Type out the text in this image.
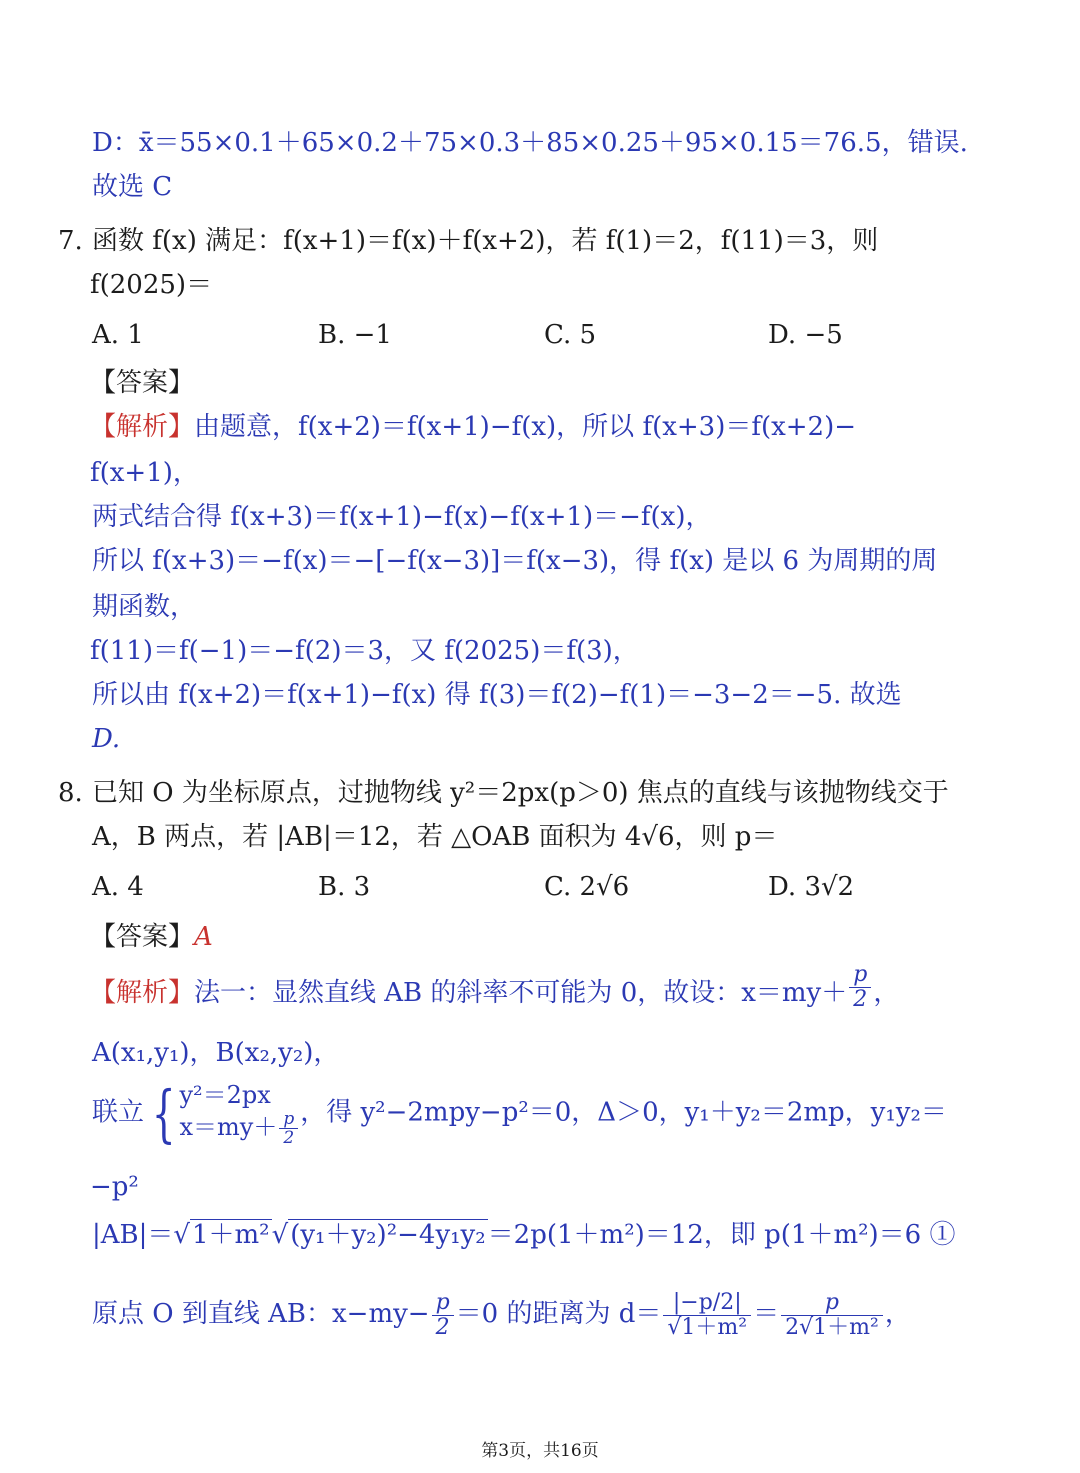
D：x̄＝55×0.1＋65×0.2＋75×0.3＋85×0.25＋95×0.15＝76.5，错误.
故选 C
7. 函数 f(x) 满足：f(x+1)＝f(x)＋f(x+2)，若 f(1)＝2，f(11)＝3，则
f(2025)＝
A. 1	B. −1	C. 5	D. −5
【答案】
【解析】由题意，f(x+2)＝f(x+1)−f(x)，所以 f(x+3)＝f(x+2)−
f(x+1)，
两式结合得 f(x+3)＝f(x+1)−f(x)−f(x+1)＝−f(x)，
所以 f(x+3)＝−f(x)＝−[−f(x−3)]＝f(x−3)，得 f(x) 是以 6 为周期的周
期函数，
f(11)＝f(−1)＝−f(2)＝3，又 f(2025)＝f(3)，
所以由 f(x+2)＝f(x+1)−f(x) 得 f(3)＝f(2)−f(1)＝−3−2＝−5. 故选
D.
8. 已知 O 为坐标原点，过抛物线 y²＝2px(p＞0) 焦点的直线与该抛物线交于
A，B 两点，若 |AB|＝12，若 △OAB 面积为 4√6，则 p＝
A. 4	B. 3	C. 2√6	D. 3√2
【答案】A
【解析】法一：显然直线 AB 的斜率不可能为 0，故设：$x=my+ \frac{p}{2}$ ，
A(x₁,y₁)，B(x₂,y₂)，
联立 { y²＝2px
$x=my+ \frac{p}{2}$ ，得 y²−2mpy−p²＝0，Δ＞0，y₁＋y₂＝2mp，y₁y₂＝
−p²
|AB|＝√1＋m²√(y₁＋y₂)²−4y₁y₂＝2p(1＋m²)＝12，即 p(1＋m²)＝6 ①
原点 O 到直线 AB：$x-my- \frac{p}{2} =0$ 的距离为 $d= \frac{|-p/2|}{\text{√1＋m²}} = \frac{p}{\text{2√1＋m²}}$ ，
第3页，共16页
